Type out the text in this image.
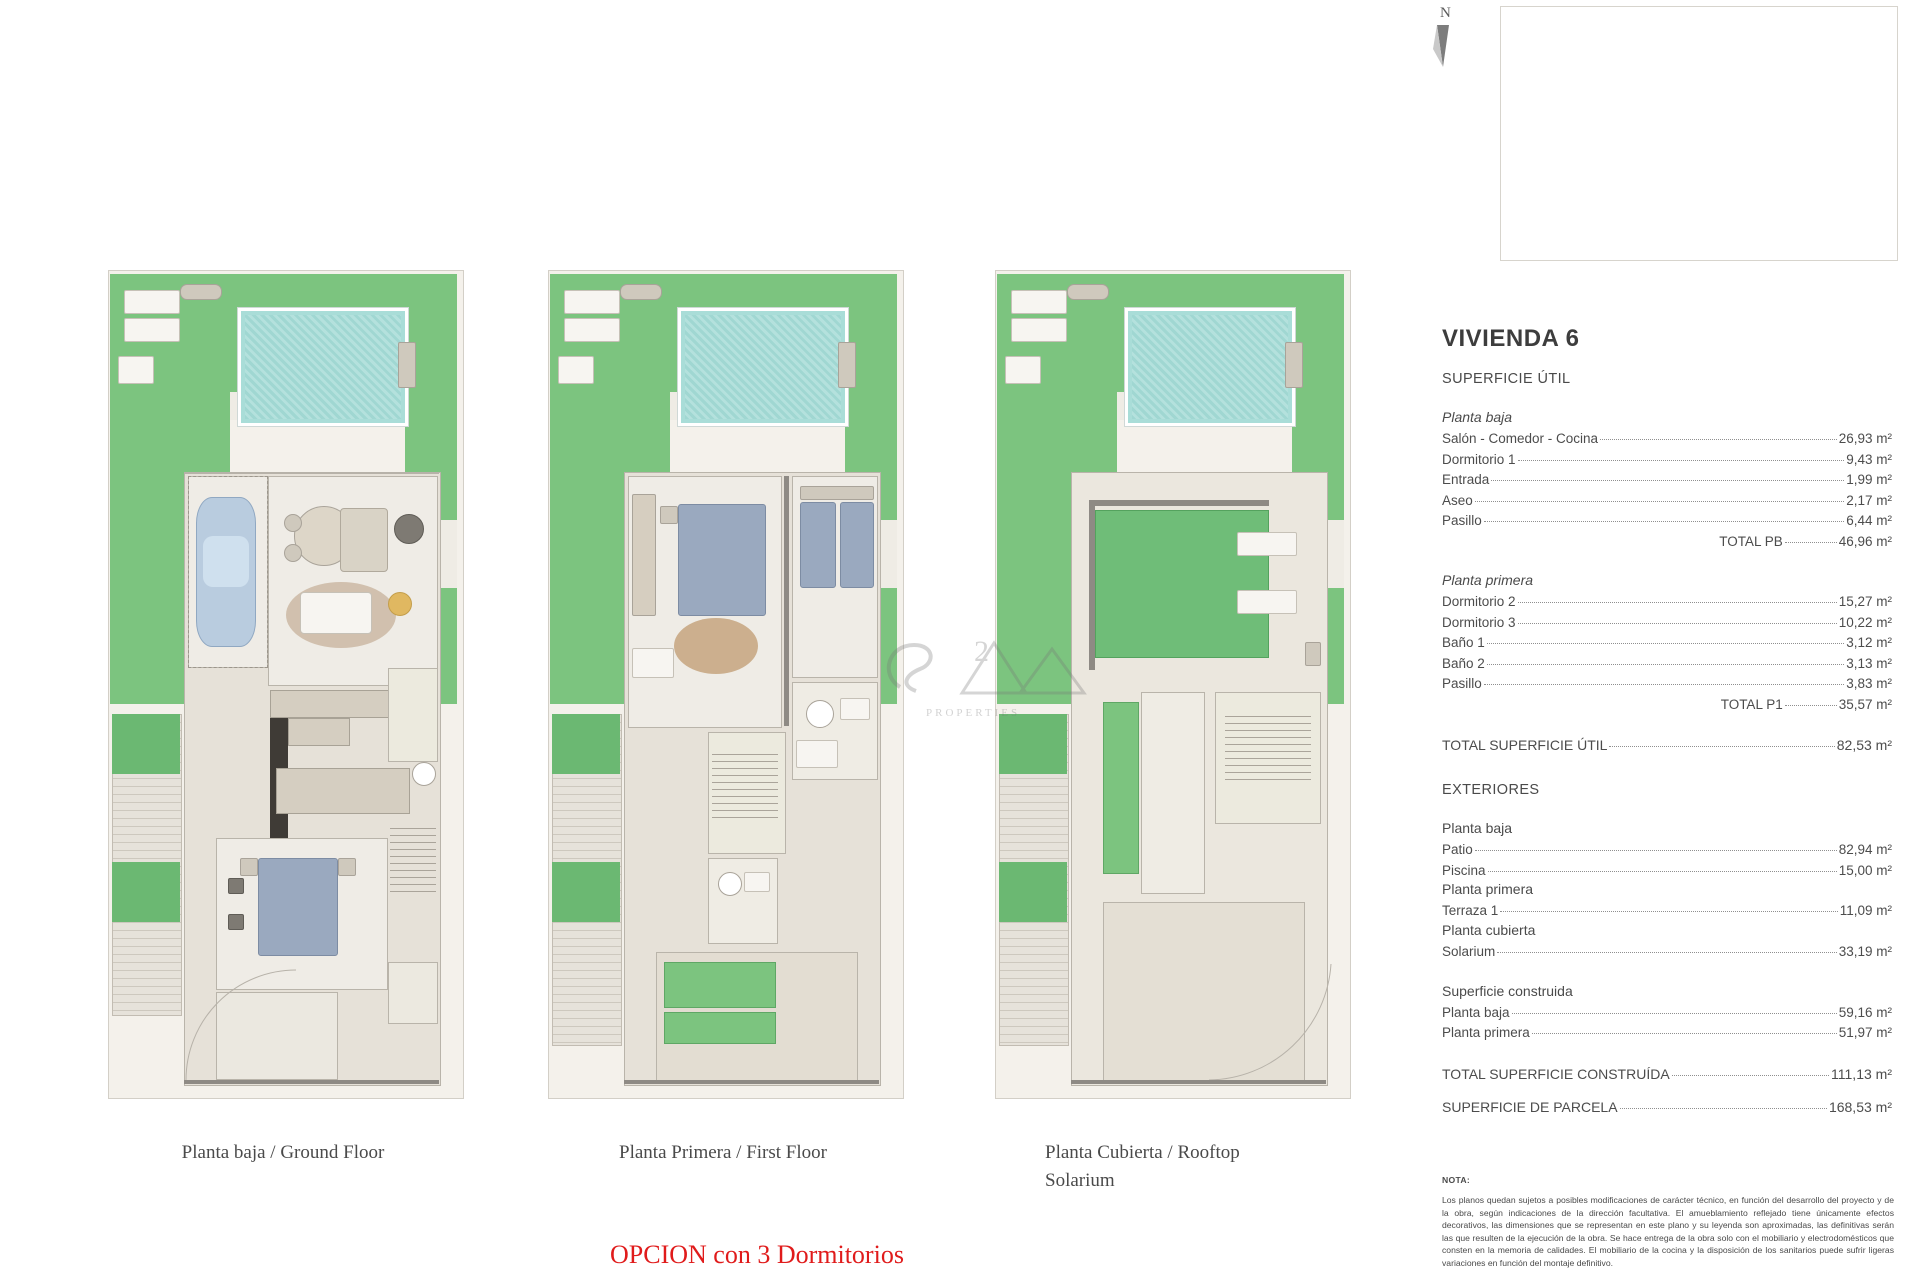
N
Planta baja / Ground Floor	Planta Primera / First Floor	Planta Cubierta / Rooftop
Solarium
2
PROPERTIES
OPCION con 3 Dormitorios
VIVIENDA 6
SUPERFICIE ÚTIL
Planta baja
Salón - Comedor - Cocina	26,93 m²
Dormitorio 1	9,43 m²
Entrada	1,99 m²
Aseo	2,17 m²
Pasillo	6,44 m²
TOTAL PB	46,96 m²
Planta primera
Dormitorio 2	15,27 m²
Dormitorio 3	10,22 m²
Baño 1	3,12 m²
Baño 2	3,13 m²
Pasillo	3,83 m²
TOTAL P1	35,57 m²
TOTAL SUPERFICIE ÚTIL	82,53 m²
EXTERIORES
Planta baja
Patio	82,94 m²
Piscina	15,00 m²
Planta primera
Terraza 1	11,09 m²
Planta cubierta
Solarium	33,19 m²
Superficie construida
Planta baja	59,16 m²
Planta primera	51,97 m²
TOTAL SUPERFICIE CONSTRUÍDA	111,13 m²
SUPERFICIE DE PARCELA	168,53 m²
NOTA:
Los planos quedan sujetos a posibles modificaciones de carácter técnico, en función del desarrollo del proyecto y de la obra, según indicaciones de la dirección facultativa. El amueblamiento reflejado tiene únicamente efectos decorativos, las dimensiones que se representan en este plano y su leyenda son aproximadas, las definitivas serán las que resulten de la ejecución de la obra. Se hace entrega de la obra solo con el mobiliario y electrodomésticos que consten en la memoria de calidades. El mobiliario de la cocina y la disposición de los sanitarios puede sufrir ligeras variaciones en función del montaje definitivo.
